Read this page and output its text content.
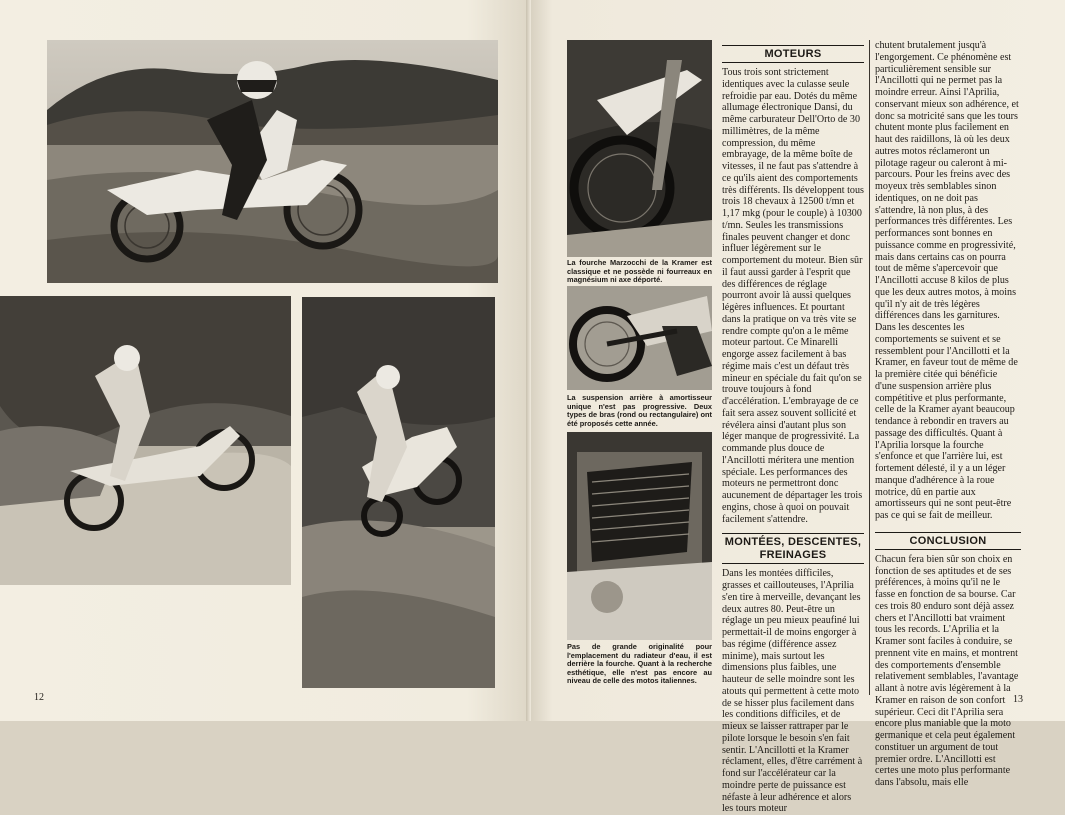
12
La fourche Marzocchi de la Kramer est classique et ne possède ni fourreaux en magnésium ni axe déporté.
La suspension arrière à amortisseur unique n'est pas progressive. Deux types de bras (rond ou rectangulaire) ont été proposés cette année.
Pas de grande originalité pour l'emplacement du radiateur d'eau, il est derrière la fourche. Quant à la recherche esthétique, elle n'est pas encore au niveau de celle des motos italiennes.
MOTEURS

Tous trois sont strictement identiques avec la culasse seule refroidie par eau. Dotés du même allumage électronique Dansi, du même carburateur Dell'Orto de 30 millimètres, de la même compression, du même embrayage, de la même boîte de vitesses, il ne faut pas s'attendre à ce qu'ils aient des comportements très différents. Ils développent tous trois 18 chevaux à 12500 t/mn et 1,17 mkg (pour le couple) à 10300 t/mn. Seules les transmissions finales peuvent changer et donc influer légèrement sur le comportement du moteur. Bien sûr il faut aussi garder à l'esprit que des différences de réglage pourront avoir là aussi quelques légères influences. Et pourtant dans la pratique on va très vite se rendre compte qu'on a le même moteur partout. Ce Minarelli engorge assez facilement à bas régime mais c'est un défaut très mineur en spéciale du fait qu'on se trouve toujours à fond d'accélération. L'embrayage de ce fait sera assez souvent sollicité et révélera ainsi d'autant plus son léger manque de progressivité. La commande plus douce de l'Ancillotti méritera une mention spéciale. Les performances des moteurs ne permettront donc aucunement de départager les trois engins, chose à quoi on pouvait facilement s'attendre.

MONTÉES, DESCENTES, FREINAGES

Dans les montées difficiles, grasses et caillouteuses, l'Aprilia s'en tire à merveille, devançant les deux autres 80. Peut-être un réglage un peu mieux peaufiné lui permettait-il de moins engorger à bas régime (différence assez minime), mais surtout les dimensions plus faibles, une hauteur de selle moindre sont les atouts qui permettent à cette moto de se hisser plus facilement dans les conditions difficiles, et de mieux se laisser rattraper par le pilote lorsque le besoin s'en fait sentir. L'Ancillotti et la Kramer réclament, elles, d'être carrément à fond sur l'accélérateur car la moindre perte de puissance est néfaste à leur adhérence et alors les tours moteur

chutent brutalement jusqu'à l'engorgement. Ce phénomène est particulièrement sensible sur l'Ancillotti qui ne permet pas la moindre erreur. Ainsi l'Aprilia, conservant mieux son adhérence, et donc sa motricité sans que les tours chutent monte plus facilement en haut des raidillons, là où les deux autres motos réclameront un pilotage rageur ou caleront à mi-parcours. Pour les freins avec des moyeux très semblables sinon identiques, on ne doit pas s'attendre, là non plus, à des performances très différentes. Les performances sont bonnes en puissance comme en progressivité, mais dans certains cas on pourra tout de même s'apercevoir que l'Ancillotti accuse 8 kilos de plus que les deux autres motos, à moins qu'il n'y ait de très légères différences dans les garnitures. Dans les descentes les comportements se suivent et se ressemblent pour l'Ancillotti et la Kramer, en faveur tout de même de la première citée qui bénéficie d'une suspension arrière plus compétitive et plus performante, celle de la Kramer ayant beaucoup tendance à rebondir en travers au passage des difficultés. Quant à l'Aprilia lorsque la fourche s'enfonce et que l'arrière lui, est fortement délesté, il y a un léger manque d'adhérence à la roue motrice, dû en partie aux amortisseurs qui ne sont peut-être pas ce qui se fait de meilleur.

CONCLUSION

Chacun fera bien sûr son choix en fonction de ses aptitudes et de ses préférences, à moins qu'il ne le fasse en fonction de sa bourse. Car ces trois 80 enduro sont déjà assez chers et l'Ancillotti bat vraiment tous les records. L'Aprilia et la Kramer sont faciles à conduire, se prennent vite en mains, et montrent des comportements d'ensemble relativement semblables, l'avantage allant à notre avis légèrement à la Kramer en raison de son confort supérieur. Ceci dit l'Aprilia sera encore plus maniable que la moto germanique et cela peut également constituer un argument de tout premier ordre. L'Ancillotti est certes une moto plus performante dans l'absolu, mais elle

13
